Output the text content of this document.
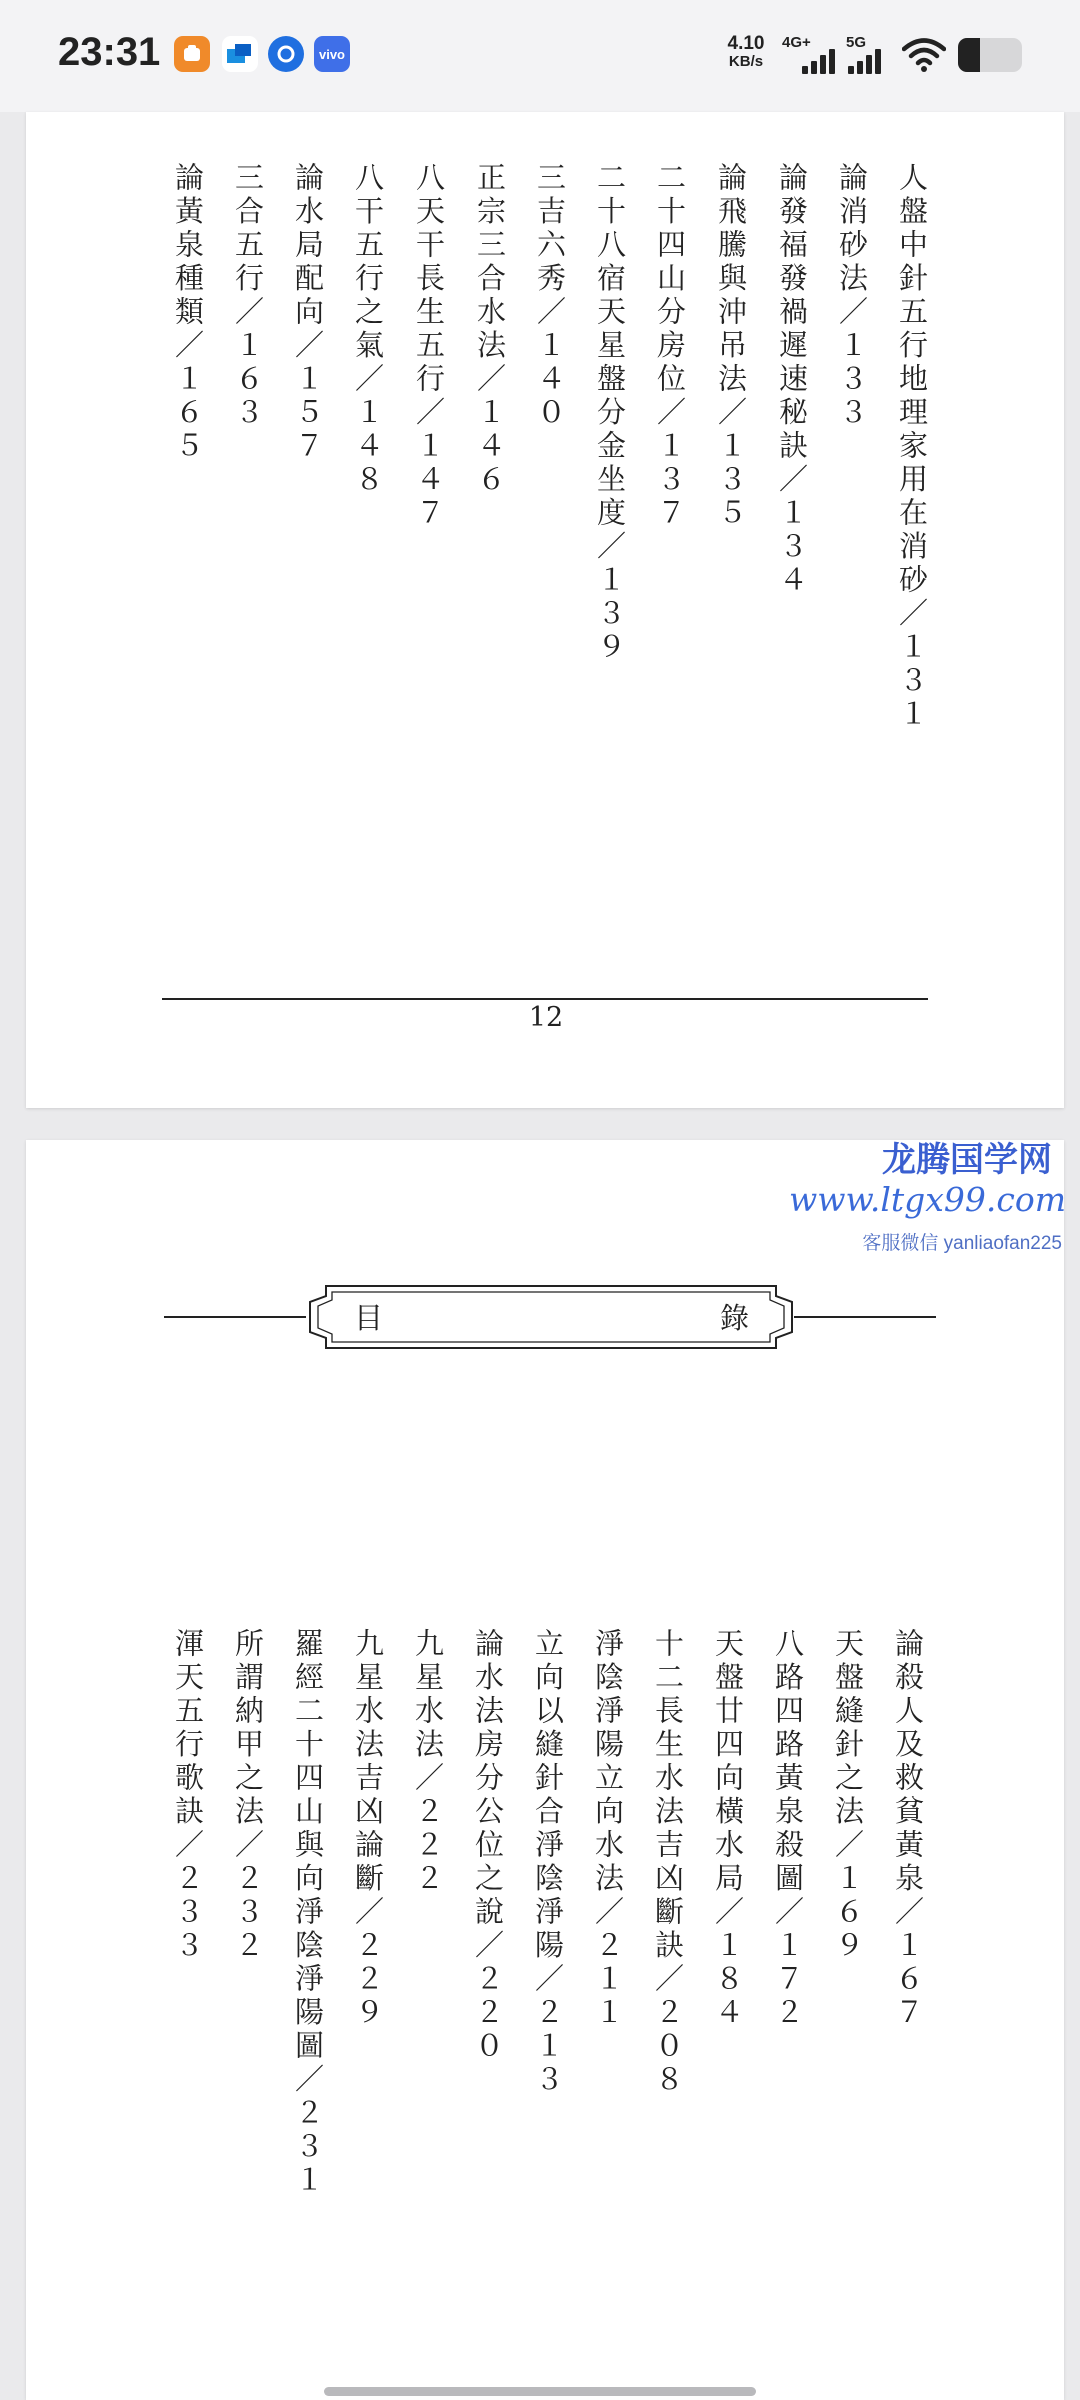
23:31	vivo	4.10
KB/s
4G+ 5G
人盤中針五行地理家用在消砂／１３１
論消砂法／１３３
論發福發禍遲速秘訣／１３４
論飛騰與沖吊法／１３５
二十四山分房位／１３７
二十八宿天星盤分金坐度／１３９
三吉六秀／１４０
正宗三合水法／１４６
八天干長生五行／１４７
八干五行之氣／１４８
論水局配向／１５７
三合五行／１６３
論黃泉種類／１６５
12
目	錄
論殺人及救貧黃泉／１６７
天盤縫針之法／１６９
八路四路黃泉殺圖／１７２
天盤廿四向橫水局／１８４
十二長生水法吉凶斷訣／２０８
淨陰淨陽立向水法／２１１
立向以縫針合淨陰淨陽／２１３
論水法房分公位之說／２２０
九星水法／２２２
九星水法吉凶論斷／２２９
羅經二十四山與向淨陰淨陽圖／２３１
所謂納甲之法／２３２
渾天五行歌訣／２３３
龙腾国学网
www.ltgx99.com
客服微信 yanliaofan225
